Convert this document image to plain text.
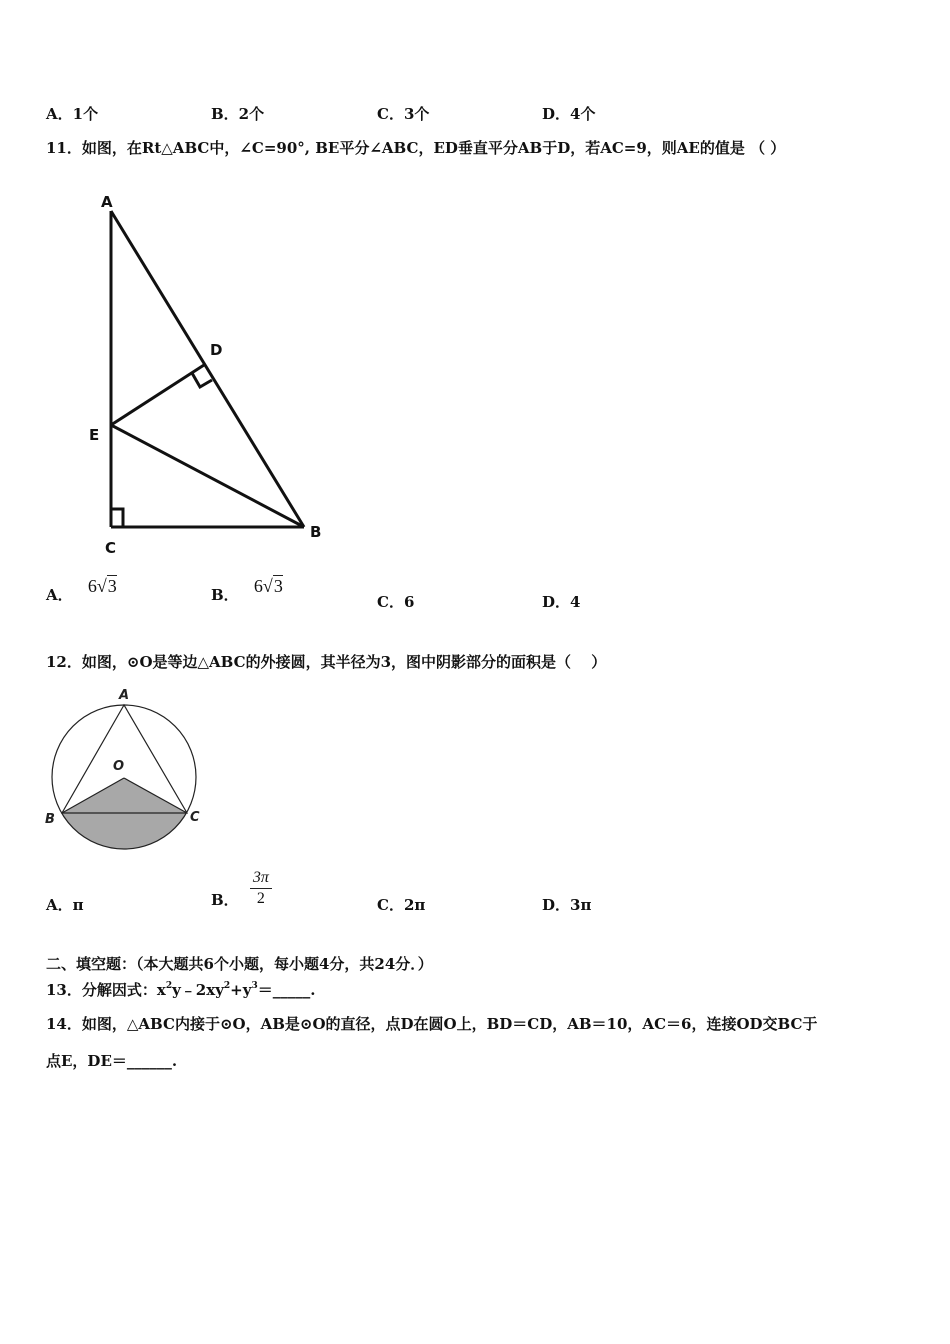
A．1个	B．2个	C．3个	D．4个
11．如图，在Rt△ABC中，∠C=90°, BE平分∠ABC，ED垂直平分AB于D，若AC=9，则AE的值是 （ ）
A
D
E
C
B
A． 6√3	B． 6√3
C．6	D．4
12．如图，⊙O是等边△ABC的外接圆，其半径为3，图中阴影部分的面积是（　 ）
A
O
B	C
A．π	B． $\frac{3\pi}{2}$	C．2π	D．3π
二、填空题：（本大题共6个小题，每小题4分，共24分．）
13．分解因式：$x^2y﹣2xy^2+y^3=\_\_\_\_\_$.
14．如图，△ABC内接于⊙O，AB是⊙O的直径，点D在圆O上，BD＝CD，AB＝10，AC＝6，连接OD交BC于
点E，DE＝______.
